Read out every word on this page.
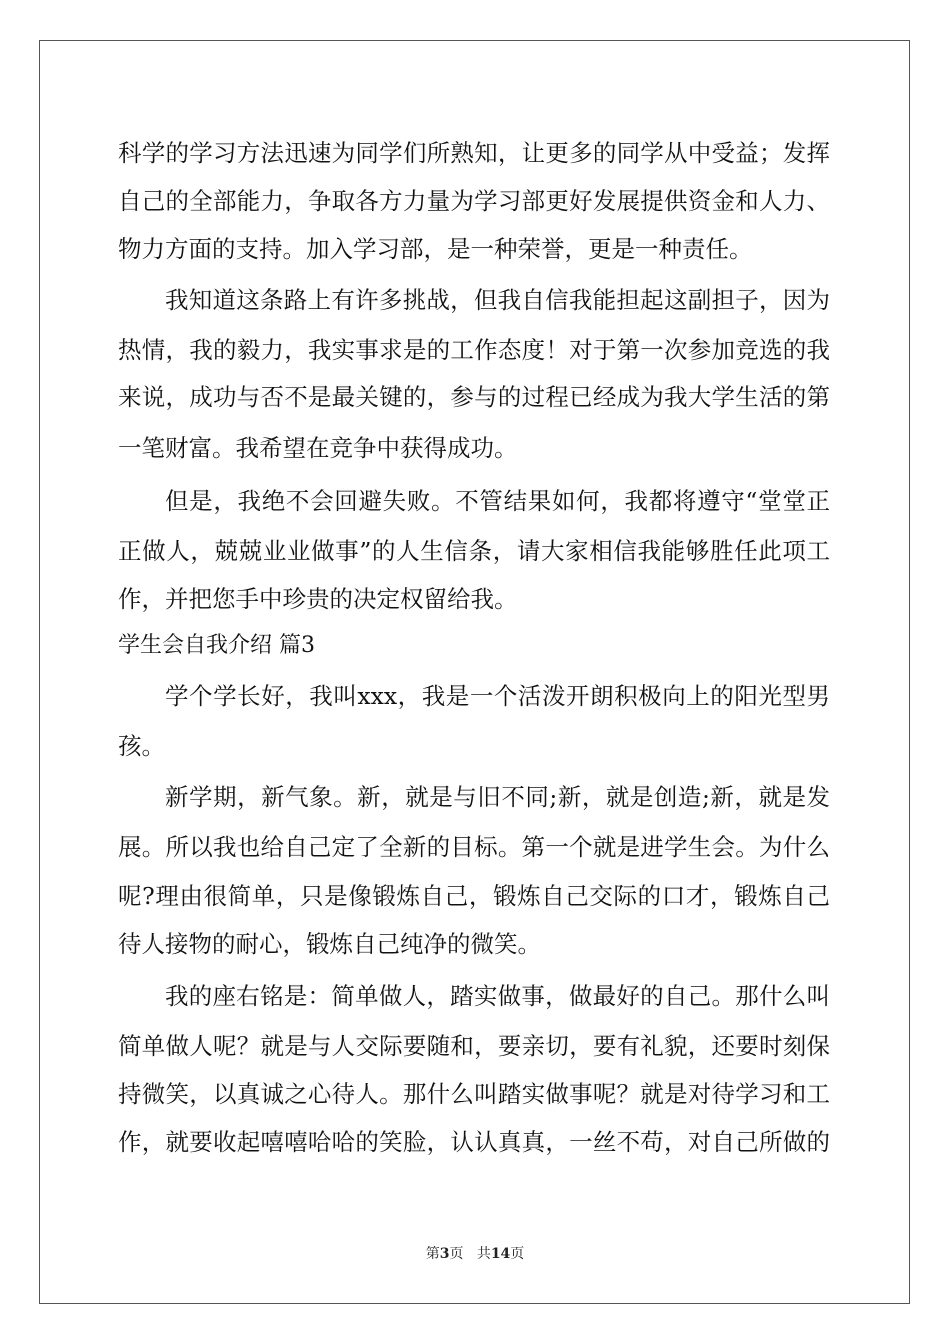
科学的学习方法迅速为同学们所熟知，让更多的同学从中受益；发挥
自己的全部能力，争取各方力量为学习部更好发展提供资金和人力、
物力方面的支持。加入学习部，是一种荣誉，更是一种责任。
我知道这条路上有许多挑战，但我自信我能担起这副担子，因为
热情，我的毅力，我实事求是的工作态度！对于第一次参加竞选的我
来说，成功与否不是最关键的，参与的过程已经成为我大学生活的第
一笔财富。我希望在竞争中获得成功。
但是，我绝不会回避失败。不管结果如何，我都将遵守“堂堂正
正做人，兢兢业业做事”的人生信条，请大家相信我能够胜任此项工
作，并把您手中珍贵的决定权留给我。
学生会自我介绍 篇3
学个学长好，我叫xxx，我是一个活泼开朗积极向上的阳光型男
孩。
新学期，新气象。新，就是与旧不同;新，就是创造;新，就是发
展。所以我也给自己定了全新的目标。第一个就是进学生会。为什么
呢?理由很简单，只是像锻炼自己，锻炼自己交际的口才，锻炼自己
待人接物的耐心，锻炼自己纯净的微笑。
我的座右铭是：简单做人，踏实做事，做最好的自己。那什么叫
简单做人呢？就是与人交际要随和，要亲切，要有礼貌，还要时刻保
持微笑，以真诚之心待人。那什么叫踏实做事呢？就是对待学习和工
作，就要收起嘻嘻哈哈的笑脸，认认真真，一丝不苟，对自己所做的
第3页 共14页
